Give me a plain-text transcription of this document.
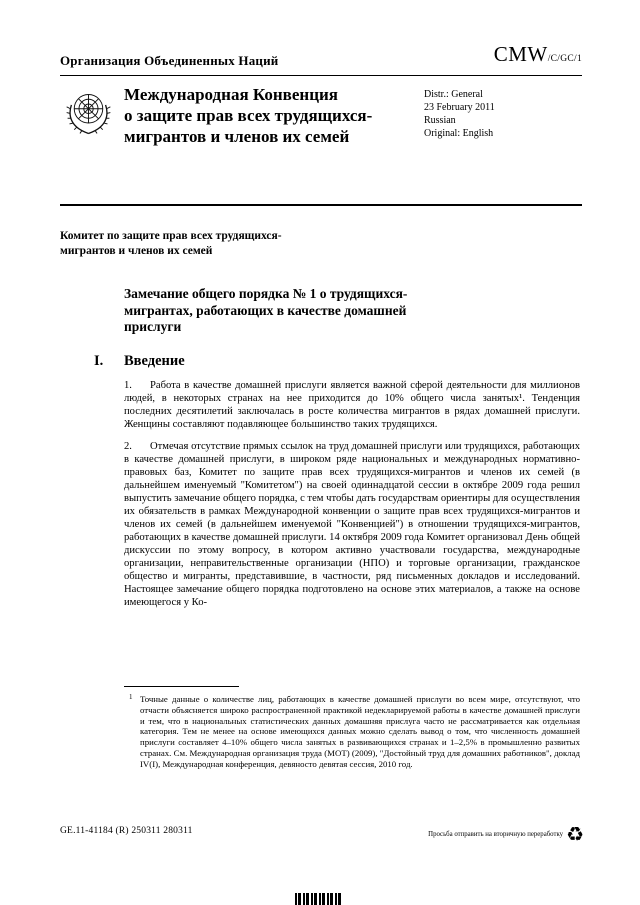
Организация Объединенных Наций	CMW/C/GC/1
Международная Конвенция
о защите прав всех трудящихся-
мигрантов и членов их семей
Distr.: General
23 February 2011
Russian
Original: English
Комитет по защите прав всех трудящихся-
мигрантов и членов их семей
Замечание общего порядка № 1 о трудящихся-мигрантах, работающих в качестве домашней прислуги
I. Введение

1. Работа в качестве домашней прислуги является важной сферой деятельности для миллионов людей, в некоторых странах на нее приходится до 10% общего числа занятых¹. Тенденция последних десятилетий заключалась в росте количества мигрантов в рядах домашней прислуги. Женщины составляют подавляющее большинство таких трудящихся.

2. Отмечая отсутствие прямых ссылок на труд домашней прислуги или трудящихся, работающих в качестве домашней прислуги, в широком ряде национальных и международных нормативно-правовых баз, Комитет по защите прав всех трудящихся-мигрантов и членов их семей (в дальнейшем именуемый "Комитетом") на своей одиннадцатой сессии в октябре 2009 года решил выпустить замечание общего порядка, с тем чтобы дать государствам ориентиры для осуществления их обязательств в рамках Международной конвенции о защите прав всех трудящихся-мигрантов и членов их семей (в дальнейшем именуемой "Конвенцией") в отношении трудящихся-мигрантов, работающих в качестве домашней прислуги. 14 октября 2009 года Комитет организовал День общей дискуссии по этому вопросу, в котором активно участвовали государства, международные организации, неправительственные организации (НПО) и торговые организации, гражданское общество и мигранты, представившие, в частности, ряд письменных докладов и исследований. Настоящее замечание общего порядка подготовлено на основе этих материалов, а также на основе имеющегося у Ко-

1 Точные данные о количестве лиц, работающих в качестве домашней прислуги во всем мире, отсутствуют, что отчасти объясняется широко распространенной практикой недекларируемой работы в качестве домашней прислуги и тем, что в национальных статистических данных домашняя прислуга часто не рассматривается как отдельная категория. Тем не менее на основе имеющихся данных можно сделать вывод о том, что численность домашней прислуги составляет 4–10% общего числа занятых в развивающихся странах и 1–2,5% в промышленно развитых странах. См. Международная организация труда (МОТ) (2009), "Достойный труд для домашних работников", доклад IV(I), Международная конференция, девяносто девятая сессия, 2010 год.
GE.11-41184 (R) 250311 280311	Просьба отправить на вторичную переработку ♻
